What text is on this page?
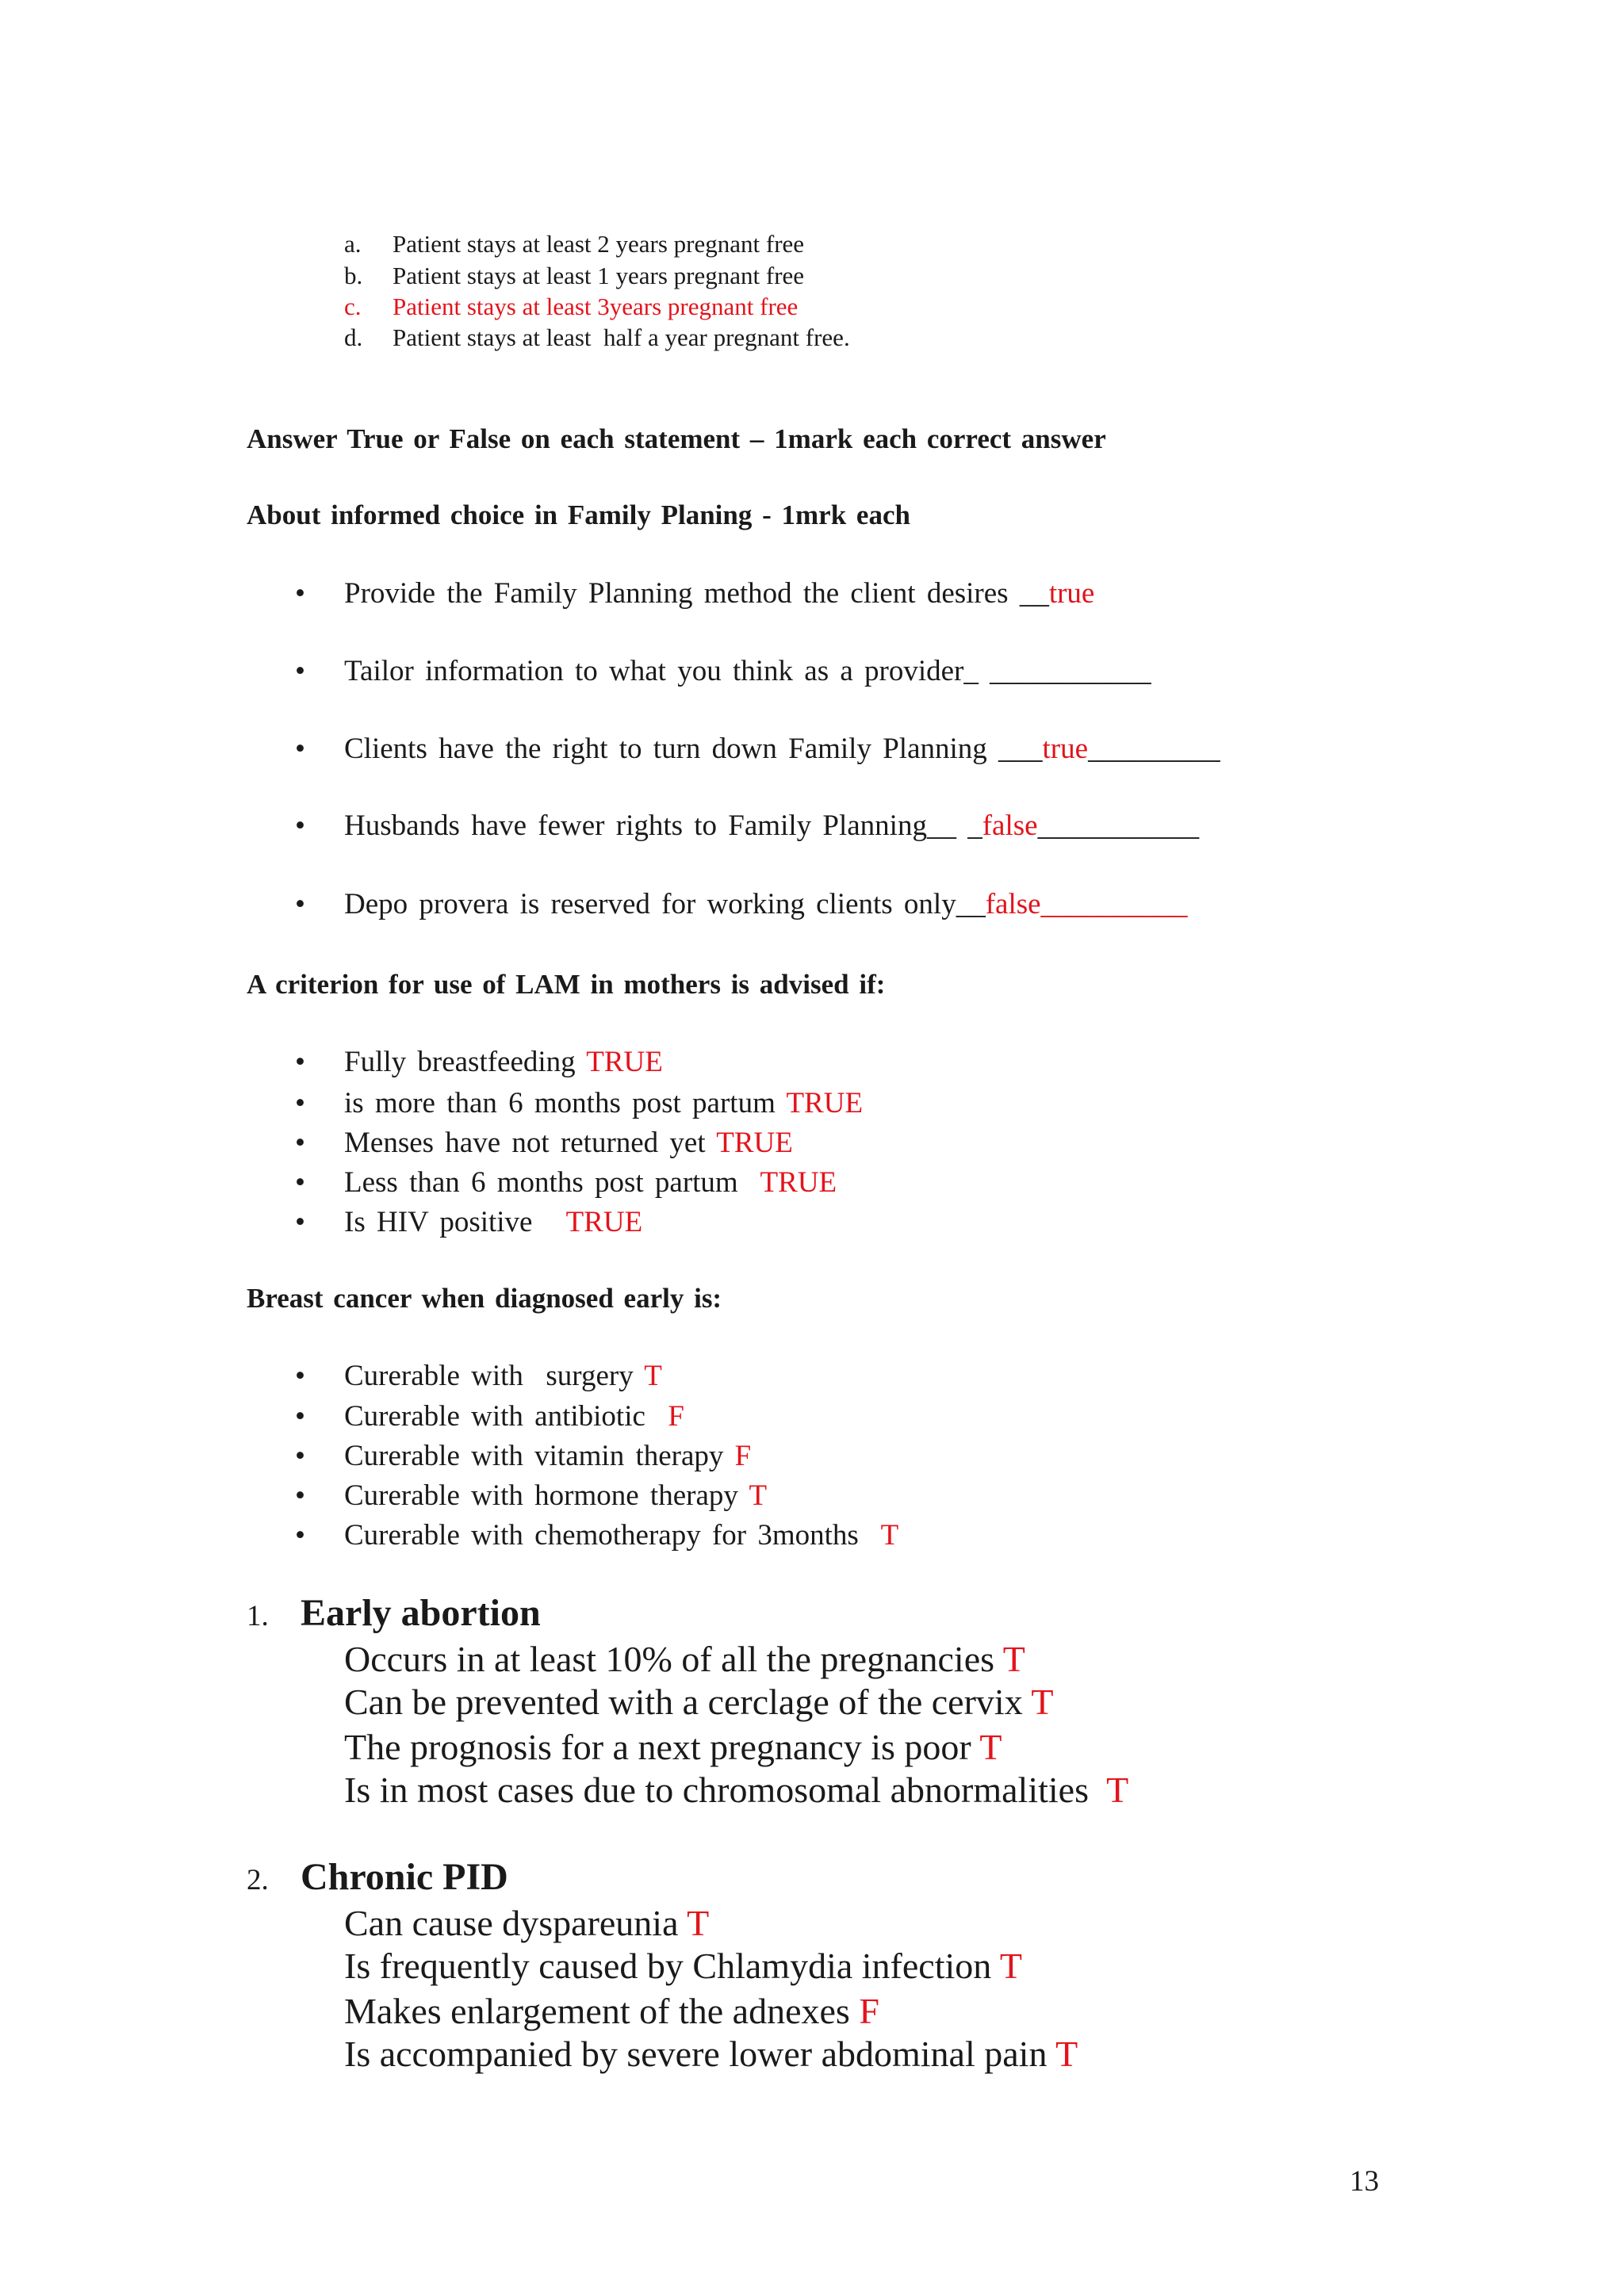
a. Patient stays at least 2 years pregnant free
b. Patient stays at least 1 years pregnant free
c. Patient stays at least 3years pregnant free
d. Patient stays at least  half a year pregnant free.
Answer True or False on each statement – 1mark each correct answer
About informed choice in Family Planing - 1mrk each
• Provide the Family Planning method the client desires __true
• Tailor information to what you think as a provider_ ___________
• Clients have the right to turn down Family Planning ___true_________
• Husbands have fewer rights to Family Planning__ _false___________
• Depo provera is reserved for working clients only__false__________
A criterion for use of LAM in mothers is advised if:
• Fully breastfeeding TRUE
• is more than 6 months post partum TRUE
• Menses have not returned yet TRUE
• Less than 6 months post partum  TRUE
• Is HIV positive   TRUE
Breast cancer when diagnosed early is:
• Curerable with  surgery T
• Curerable with antibiotic  F
• Curerable with vitamin therapy F
• Curerable with hormone therapy T
• Curerable with chemotherapy for 3months  T
1. Early abortion
Occurs in at least 10% of all the pregnancies T
Can be prevented with a cerclage of the cervix T
The prognosis for a next pregnancy is poor T
Is in most cases due to chromosomal abnormalities  T
2. Chronic PID
Can cause dyspareunia T
Is frequently caused by Chlamydia infection T
Makes enlargement of the adnexes F
Is accompanied by severe lower abdominal pain T
13
